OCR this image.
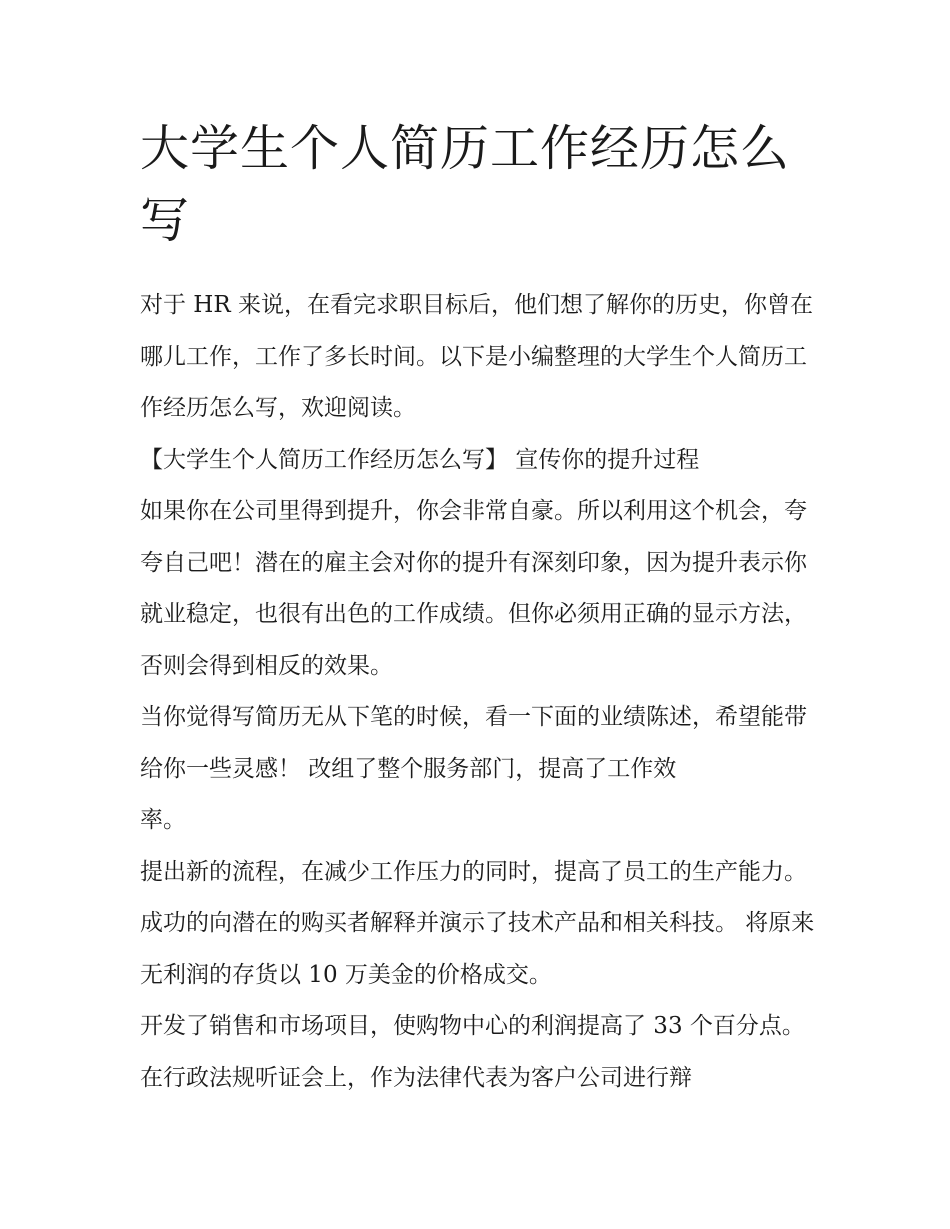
大学生个人简历工作经历怎么写

对于 HR 来说，在看完求职目标后，他们想了解你的历史，你曾在哪儿工作，工作了多长时间。以下是小编整理的大学生个人简历工作经历怎么写，欢迎阅读。

【大学生个人简历工作经历怎么写】 宣传你的提升过程

如果你在公司里得到提升，你会非常自豪。所以利用这个机会，夸夸自己吧！潜在的雇主会对你的提升有深刻印象，因为提升表示你就业稳定，也很有出色的工作成绩。但你必须用正确的显示方法，否则会得到相反的效果。

当你觉得写简历无从下笔的时候，看一下面的业绩陈述，希望能带给你一些灵感！ 改组了整个服务部门，提高了工作效
率。

提出新的流程，在减少工作压力的同时，提高了员工的生产能力。 成功的向潜在的购买者解释并演示了技术产品和相关科技。 将原来无利润的存货以 10 万美金的价格成交。

开发了销售和市场项目，使购物中心的利润提高了 33 个百分点。 在行政法规听证会上，作为法律代表为客户公司进行辩
